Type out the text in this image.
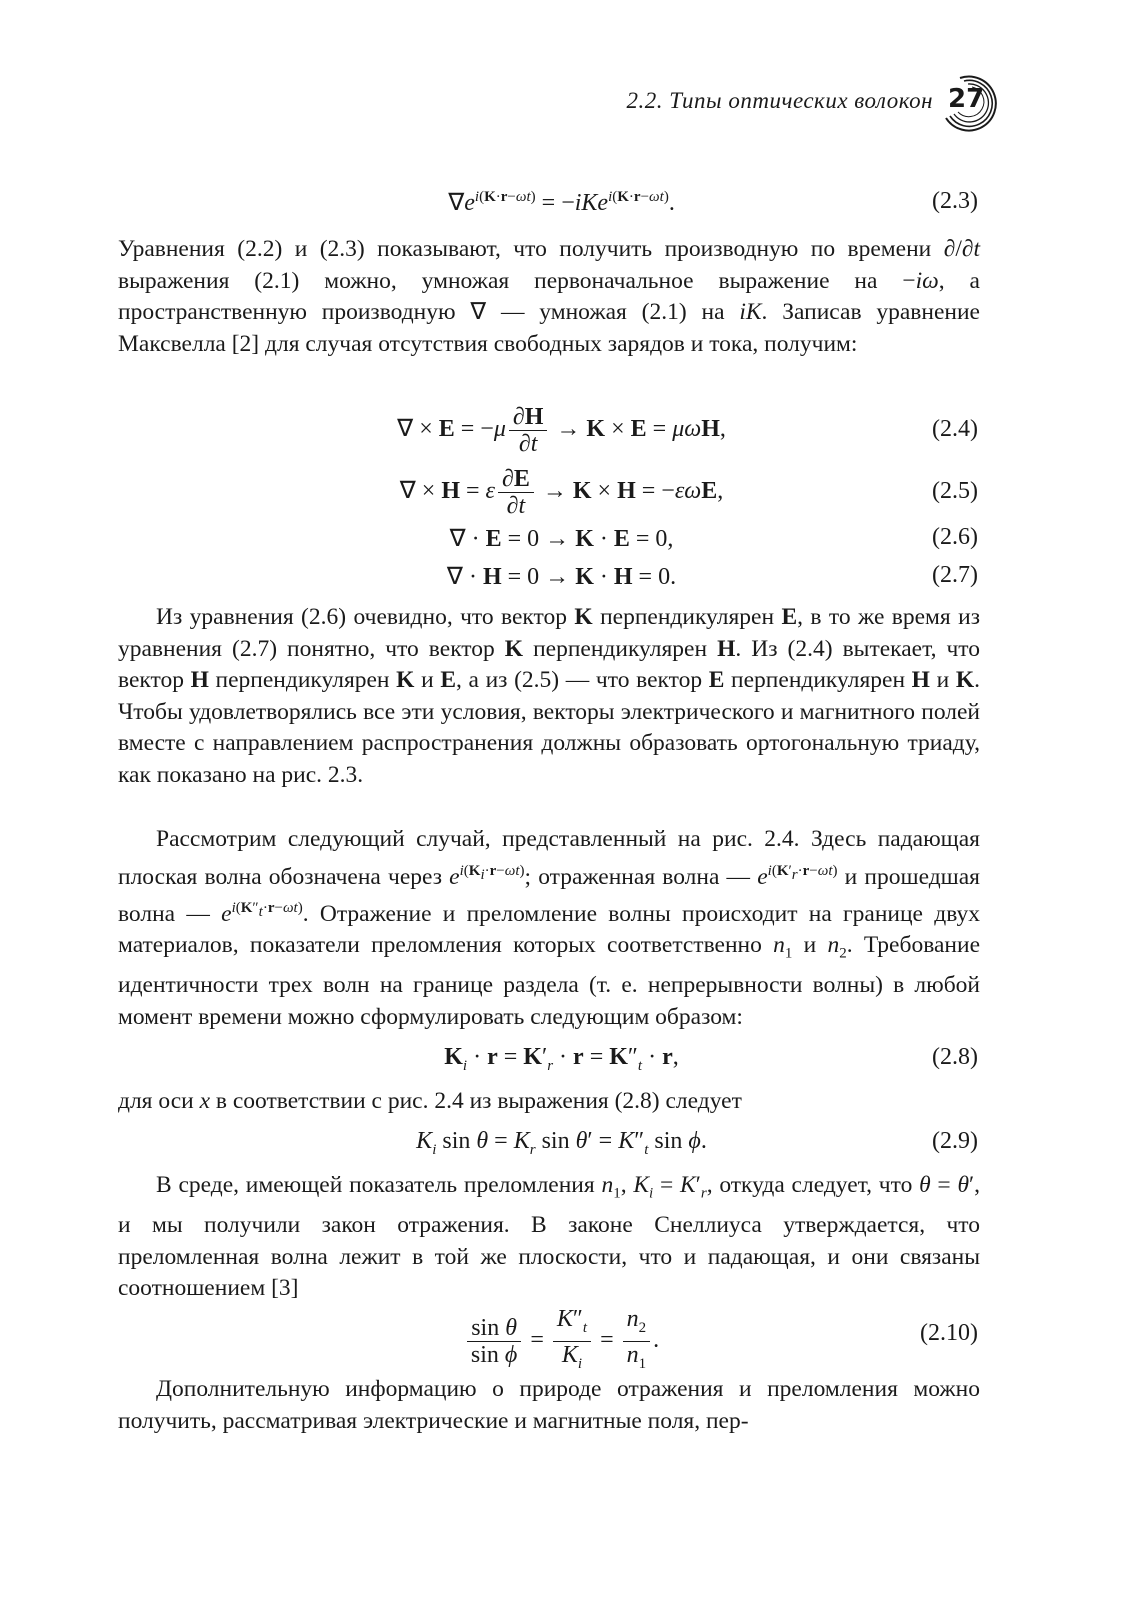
2.2. Типы оптических волокон 27
$\nabla e^{i(K\cdot r-\omega t)} = -iKe^{i(K\cdot r-\omega t)}$.	(2.3)

Уравнения (2.2) и (2.3) показывают, что получить производную по времени ∂/∂t выражения (2.1) можно, умножая первоначальное выражение на −iω, а пространственную производную ∇ — умножая (2.1) на iK. Записав уравнение Максвелла [2] для случая отсутствия свободных зарядов и тока, получим:

∇ × $E = -\mu \frac{\partial H}{\partial t} \to K \times E = \mu\omega H$,	(2.4)
∇ × H = ε $\frac{\partial E}{\partial t} \to K \times H = -\varepsilon\omega E$,	(2.5)
∇ · E = 0 → K · E = 0,	(2.6)
∇ · H = 0 → K · H = 0.	(2.7)

Из уравнения (2.6) очевидно, что вектор K перпендикулярен E, в то же время из уравнения (2.7) понятно, что вектор K перпендикулярен H. Из (2.4) вытекает, что вектор H перпендикулярен K и E, а из (2.5) — что вектор E перпендикулярен H и K. Чтобы удовлетворялись все эти условия, векторы электрического и магнитного полей вместе с направлением распространения должны образовать ортогональную триаду, как показано на рис. 2.3.

Рассмотрим следующий случай, представленный на рис. 2.4. Здесь падающая плоская волна обозначена через $e^{i(K_i\cdot r-\omega t)}$; отраженная волна — $e^{i(K'_r\cdot r-\omega t)}$ и прошедшая волна — $e^{i(K''_t\cdot r-\omega t)}$. Отражение и преломление волны происходит на границе двух материалов, показатели преломления которых соответственно $n_1$ и $n_2$. Требование идентичности трех волн на границе раздела (т. е. непрерывности волны) в любой момент времени можно сформулировать следующим образом:

$K_i \cdot r = K'_r \cdot r = K''_t \cdot r$,	(2.8)

для оси x в соответствии с рис. 2.4 из выражения (2.8) следует

$K_i$ $\sin \theta = K_r$ $\sin \theta' = K''_t$ sin ϕ.	(2.9)

В среде, имеющей показатель преломления $n_1$, $K_i = K'_r$, откуда следует, что θ = θ′, и мы получили закон отражения. В законе Снеллиуса утверждается, что преломленная волна лежит в той же плоскости, что и падающая, и они связаны соотношением [3]

$\frac{\text{sin θ}}{\text{sin ϕ}} = \frac{K''_t}{K_i} = \frac{n_2}{n_1}$ .	(2.10)

Дополнительную информацию о природе отражения и преломления можно получить, рассматривая электрические и магнитные поля, пер-
